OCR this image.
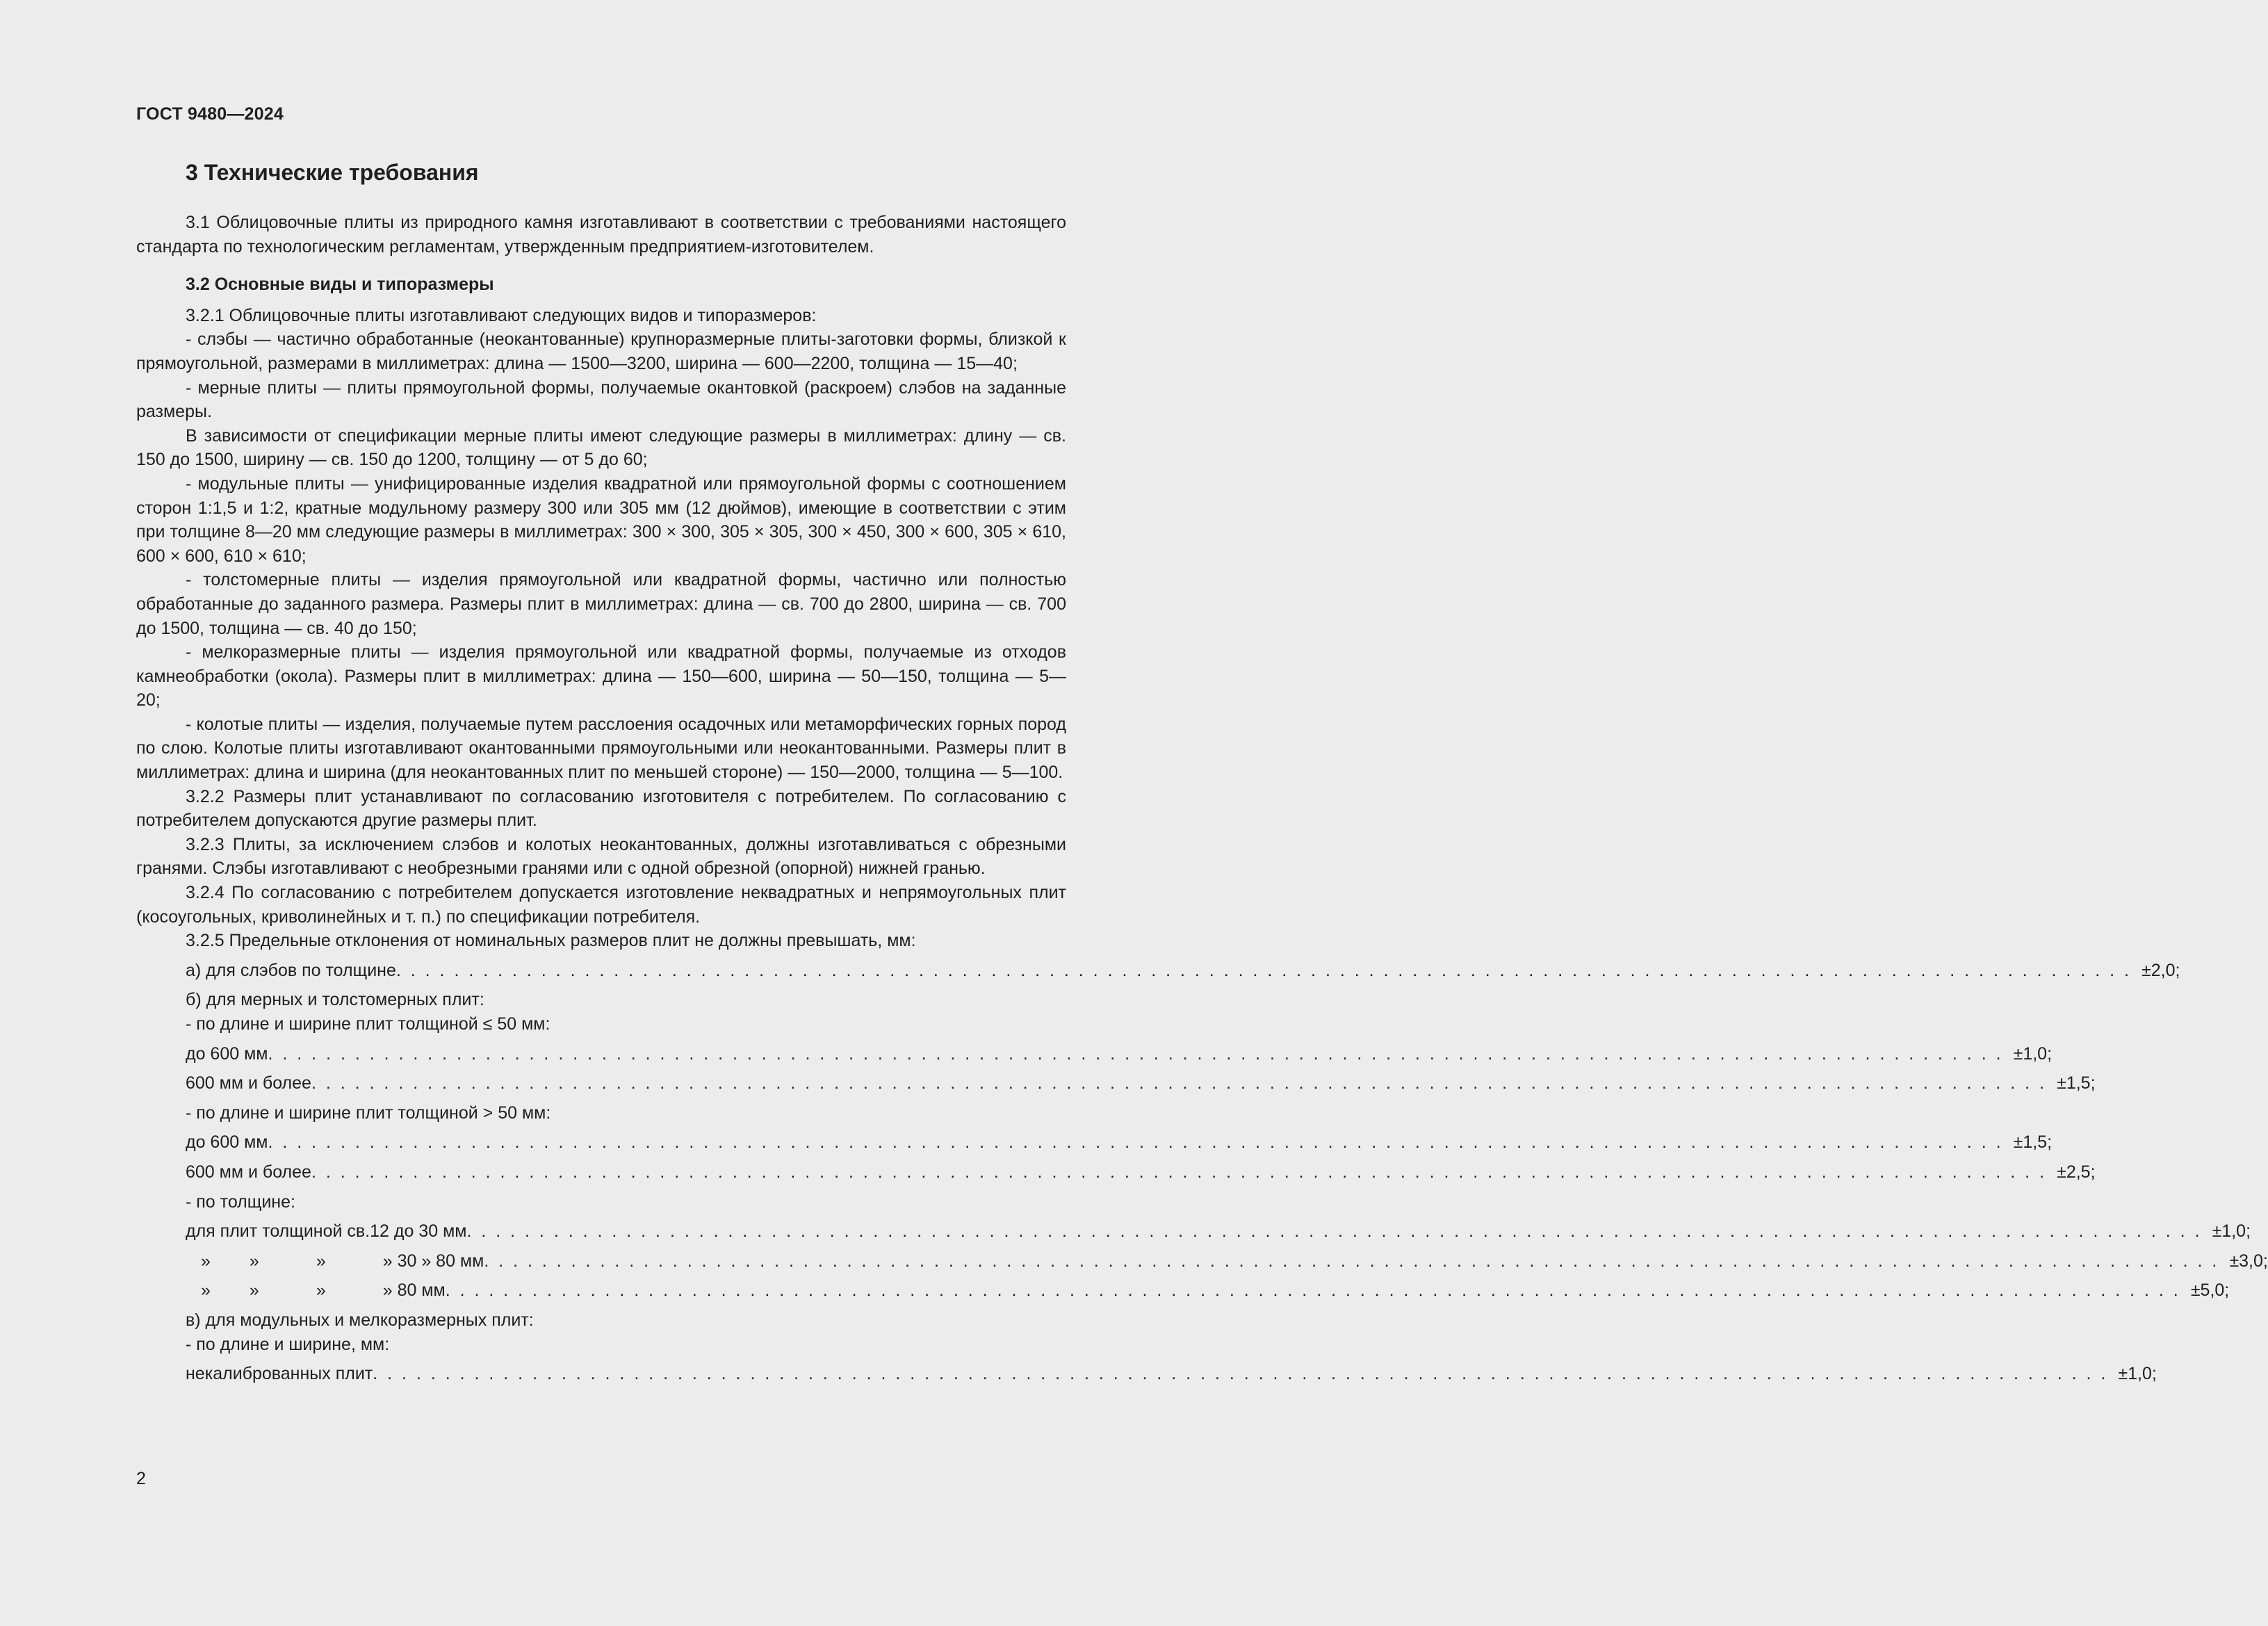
ГОСТ 9480—2024
3 Технические требования

3.1 Облицовочные плиты из природного камня изготавливают в соответствии с требованиями настоящего стандарта по технологическим регламентам, утвержденным предприятием-изготовителем.

3.2 Основные виды и типоразмеры

3.2.1 Облицовочные плиты изготавливают следующих видов и типоразмеров:

- слэбы — частично обработанные (неокантованные) крупноразмерные плиты-заготовки формы, близкой к прямоугольной, размерами в миллиметрах: длина — 1500—3200, ширина — 600—2200, толщина — 15—40;

- мерные плиты — плиты прямоугольной формы, получаемые окантовкой (раскроем) слэбов на заданные размеры.

В зависимости от спецификации мерные плиты имеют следующие размеры в миллиметрах: длину — св. 150 до 1500, ширину — св. 150 до 1200, толщину — от 5 до 60;

- модульные плиты — унифицированные изделия квадратной или прямоугольной формы с соотношением сторон 1:1,5 и 1:2, кратные модульному размеру 300 или 305 мм (12 дюймов), имеющие в соответствии с этим при толщине 8—20 мм следующие размеры в миллиметрах: 300 × 300, 305 × 305, 300 × 450, 300 × 600, 305 × 610, 600 × 600, 610 × 610;

- толстомерные плиты — изделия прямоугольной или квадратной формы, частично или полностью обработанные до заданного размера. Размеры плит в миллиметрах: длина — св. 700 до 2800, ширина — св. 700 до 1500, толщина — св. 40 до 150;

- мелкоразмерные плиты — изделия прямоугольной или квадратной формы, получаемые из отходов камнеобработки (окола). Размеры плит в миллиметрах: длина — 150—600, ширина — 50—150, толщина — 5—20;

- колотые плиты — изделия, получаемые путем расслоения осадочных или метаморфических горных пород по слою. Колотые плиты изготавливают окантованными прямоугольными или неокантованными. Размеры плит в миллиметрах: длина и ширина (для неокантованных плит по меньшей стороне) — 150—2000, толщина — 5—100.

3.2.2 Размеры плит устанавливают по согласованию изготовителя с потребителем. По согласованию с потребителем допускаются другие размеры плит.

3.2.3 Плиты, за исключением слэбов и колотых неокантованных, должны изготавливаться с обрезными гранями. Слэбы изготавливают с необрезными гранями или с одной обрезной (опорной) нижней гранью.

3.2.4 По согласованию с потребителем допускается изготовление неквадратных и непрямоугольных плит (косоугольных, криволинейных и т. п.) по спецификации потребителя.

3.2.5 Предельные отклонения от номинальных размеров плит не должны превышать, мм:

а) для слэбов по толщине . . . . . . . . . . . . . . . . . . . . . . . . . . . . . . . . . . . . . . . . . . . . . . . . . . . . . . . . . . . . . . . . . . . . . . . . . . . . . . . . . . . . . . . . . . . . . . . . . . . . . . . . . . . . . . . . . . . . . . . . ±2,0;
б) для мерных и толстомерных плит:
- по длине и ширине плит толщиной ≤ 50 мм:
до 600 мм . . . . . . . . . . . . . . . . . . . . . . . . . . . . . . . . . . . . . . . . . . . . . . . . . . . . . . . . . . . . . . . . . . . . . . . . . . . . . . . . . . . . . . . . . . . . . . . . . . . . . . . . . . . . . . . . . . . . . . . . ±1,0;
600 мм и более . . . . . . . . . . . . . . . . . . . . . . . . . . . . . . . . . . . . . . . . . . . . . . . . . . . . . . . . . . . . . . . . . . . . . . . . . . . . . . . . . . . . . . . . . . . . . . . . . . . . . . . . . . . . . . . . . . . . . . . . ±1,5;
- по длине и ширине плит толщиной > 50 мм:
до 600 мм . . . . . . . . . . . . . . . . . . . . . . . . . . . . . . . . . . . . . . . . . . . . . . . . . . . . . . . . . . . . . . . . . . . . . . . . . . . . . . . . . . . . . . . . . . . . . . . . . . . . . . . . . . . . . . . . . . . . . . . . ±1,5;
600 мм и более . . . . . . . . . . . . . . . . . . . . . . . . . . . . . . . . . . . . . . . . . . . . . . . . . . . . . . . . . . . . . . . . . . . . . . . . . . . . . . . . . . . . . . . . . . . . . . . . . . . . . . . . . . . . . . . . . . . . . . . . ±2,5;
- по толщине:
для плит толщиной св.12 до 30 мм . . . . . . . . . . . . . . . . . . . . . . . . . . . . . . . . . . . . . . . . . . . . . . . . . . . . . . . . . . . . . . . . . . . . . . . . . . . . . . . . . . . . . . . . . . . . . . . . . . . . . . . . . . . . . . . . . . . . . . . . ±1,0;
» »	»	» 30 » 80 мм . . . . . . . . . . . . . . . . . . . . . . . . . . . . . . . . . . . . . . . . . . . . . . . . . . . . . . . . . . . . . . . . . . . . . . . . . . . . . . . . . . . . . . . . . . . . . . . . . . . . . . . . . . . . . . . . . . . . . . . . ±3,0;
» »	»	» 80 мм . . . . . . . . . . . . . . . . . . . . . . . . . . . . . . . . . . . . . . . . . . . . . . . . . . . . . . . . . . . . . . . . . . . . . . . . . . . . . . . . . . . . . . . . . . . . . . . . . . . . . . . . . . . . . . . . . . . . . . . . ±5,0;
в) для модульных и мелкоразмерных плит:
- по длине и ширине, мм:
некалиброванных плит . . . . . . . . . . . . . . . . . . . . . . . . . . . . . . . . . . . . . . . . . . . . . . . . . . . . . . . . . . . . . . . . . . . . . . . . . . . . . . . . . . . . . . . . . . . . . . . . . . . . . . . . . . . . . . . . . . . . . . . . ±1,0;
2
